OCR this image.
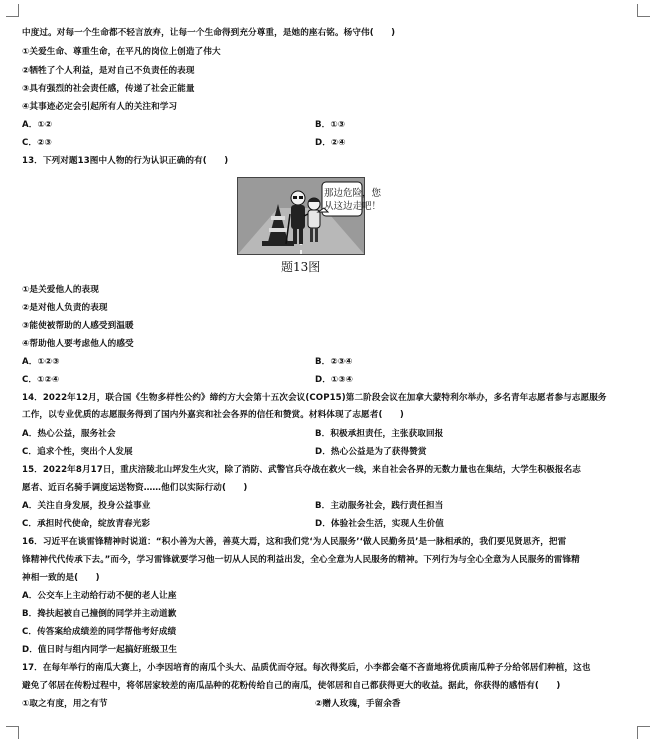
中度过。对每一个生命都不轻言放弃，让每一个生命得到充分尊重，是她的座右铭。杨守伟(　　)
①关爱生命、尊重生命，在平凡的岗位上创造了伟大
②牺牲了个人利益，是对自己不负责任的表现
③具有强烈的社会责任感，传递了社会正能量
④其事迹必定会引起所有人的关注和学习
A．①②	B．①③
C．②③	D．②④
13．下列对题13图中人物的行为认识正确的有(　　)
那边危险，您
从这边走吧！
题13图
①是关爱他人的表现
②是对他人负责的表现
③能使被帮助的人感受到温暖
④帮助他人要考虑他人的感受
A．①②③	B．②③④
C．①②④	D．①③④
14．2022年12月，联合国《生物多样性公约》缔约方大会第十五次会议(COP15)第二阶段会议在加拿大蒙特利尔举办，多名青年志愿者参与志愿服务
工作，以专业优质的志愿服务得到了国内外嘉宾和社会各界的信任和赞赏。材料体现了志愿者(　　)
A．热心公益，服务社会	B．积极承担责任，主张获取回报
C．追求个性，突出个人发展	D．热心公益是为了获得赞赏
15．2022年8月17日，重庆涪陵北山坪发生火灾，除了消防、武警官兵夺战在救火一线，来自社会各界的无数力量也在集结，大学生积极报名志
愿者、近百名骑手调度运送物资……他们以实际行动(　　)
A．关注自身发展，投身公益事业	B．主动服务社会，践行责任担当
C．承担时代使命，绽放青春光彩	D．体验社会生活，实现人生价值
16．习近平在谈雷锋精神时说道：“积小善为大善，善莫大焉，这和我们党‘为人民服务’‘做人民勤务员’是一脉相承的，我们要见贤思齐，把雷
锋精神代代传承下去。”而今，学习雷锋就要学习他一切从人民的利益出发，全心全意为人民服务的精神。下列行为与全心全意为人民服务的雷锋精
神相一致的是(　　)
A．公交车上主动给行动不便的老人让座
B．搀扶起被自己撞倒的同学并主动道歉
C．传答案给成绩差的同学帮他考好成绩
D．值日时与组内同学一起搞好班级卫生
17．在每年举行的南瓜大赛上，小李因培育的南瓜个头大、品质优而夺冠。每次得奖后，小李都会毫不吝啬地将优质南瓜种子分给邻居们种植，这也
避免了邻居在传粉过程中，将邻居家较差的南瓜品种的花粉传给自己的南瓜，使邻居和自己都获得更大的收益。据此，你获得的感悟有(　　)
①取之有度，用之有节	②赠人玫瑰，手留余香
